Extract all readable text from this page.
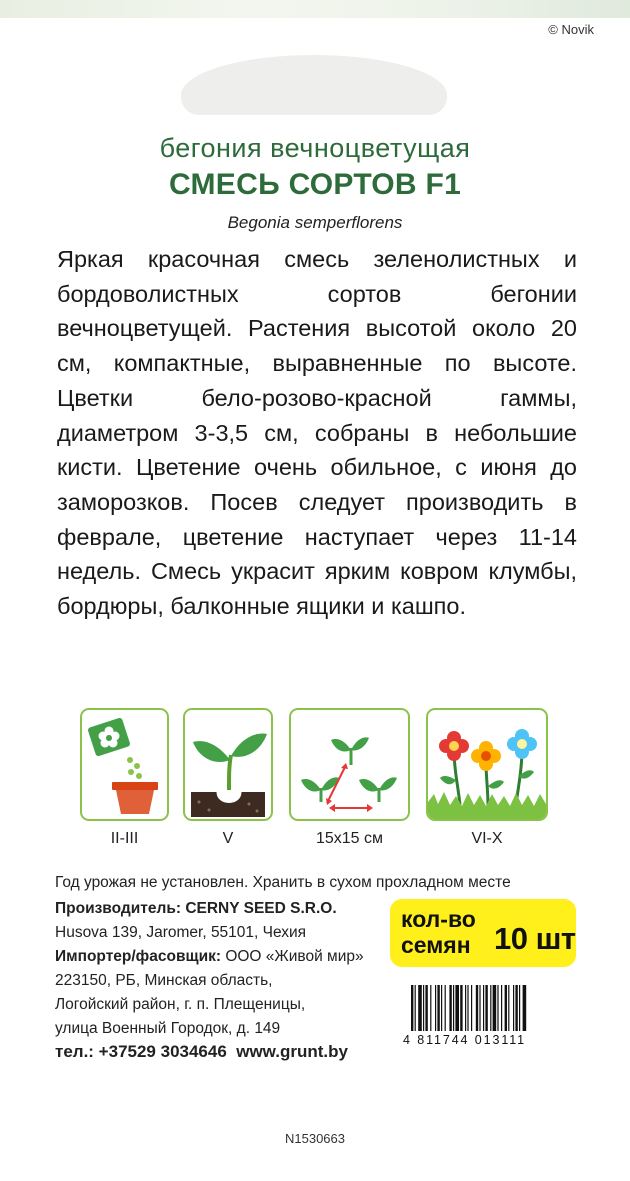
© Novik
бегония вечноцветущая
СМЕСЬ СОРТОВ F1
Begonia semperflorens
Яркая красочная смесь зеленолистных и бордоволистных сортов бегонии вечноцветущей. Растения высотой около 20 см, компактные, выравненные по высоте. Цветки бело-розово-красной гаммы, диаметром 3-3,5 см, собраны в небольшие кисти. Цветение очень обильное, с июня до заморозков. Посев следует производить в феврале, цветение наступает через 11-14 недель. Смесь украсит ярким ковром клумбы, бордюры, балконные ящики и кашпо.
II-III	V	15x15 см	VI-X
Год урожая не установлен. Хранить в сухом прохладном месте
Производитель: CERNY SEED S.R.O.
Husova 139, Jaromer, 55101, Чехия
Импортер/фасовщик: ООО «Живой мир»
223150, РБ, Минская область,
Логойский район, г. п. Плещеницы,
улица Военный Городок, д. 149
тел.: +37529 3034646  www.grunt.by
кол-во
семян 10 шт
4 811744 013111
N1530663
